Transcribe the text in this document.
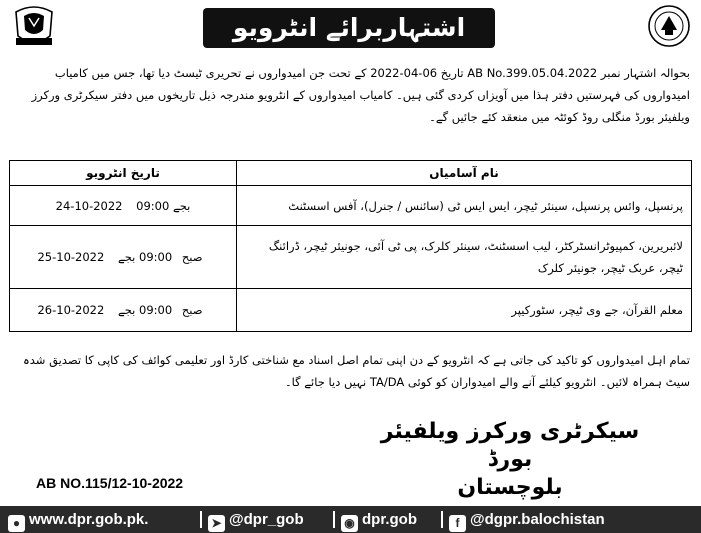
اشتہاربرائے انٹرویو
بحوالہ اشتہار نمبر AB No.399.05.04.2022 تاریخ 06-04-2022 کے تحت جن امیدواروں نے تحریری ٹیسٹ دیا تھا، جس میں کامیاب امیدواروں کی فہرستیں دفتر ہذا میں آویزاں کردی گئی ہیں۔ کامیاب امیدواروں کے انٹرویو مندرجہ ذیل تاریخوں میں دفتر سیکرٹری ورکرز ویلفیئر بورڈ منگلی روڈ کوئٹہ میں منعقد کئے جائیں گے۔
تاریخ انٹرویو	نام آسامیاں
24-10-2022 09:00 بجے	پرنسپل، وائس پرنسپل، سینئر ٹیچر، ایس ایس ٹی (سائنس / جنرل)، آفس اسسٹنٹ
25-10-2022 صبح 09:00 بجے	لائبریرین، کمپیوٹرانسٹرکٹر، لیب اسسٹنٹ، سینئر کلرک، پی ٹی آئی، جونیئر ٹیچر، ڈرائنگ ٹیچر، عربک ٹیچر، جونیئر کلرک
26-10-2022 صبح 09:00 بجے	معلم القرآن، جے وی ٹیچر، سٹورکیپر
تمام اہل امیدواروں کو تاکید کی جاتی ہے کہ انٹرویو کے دن اپنی تمام اصل اسناد مع شناختی کارڈ اور تعلیمی کوائف کی کاپی کا تصدیق شدہ سیٹ ہمراہ لائیں۔ انٹرویو کیلئے آنے والے امیدواران کو کوئی TA/DA نہیں دیا جائے گا۔
سیکرٹری ورکرز ویلفیئر بورڈ
بلوچستان
AB NO.115/12-10-2022
● www.dpr.gob.pk.	➤ @dpr_gob	◉ dpr.gob	f @dgpr.balochistan
